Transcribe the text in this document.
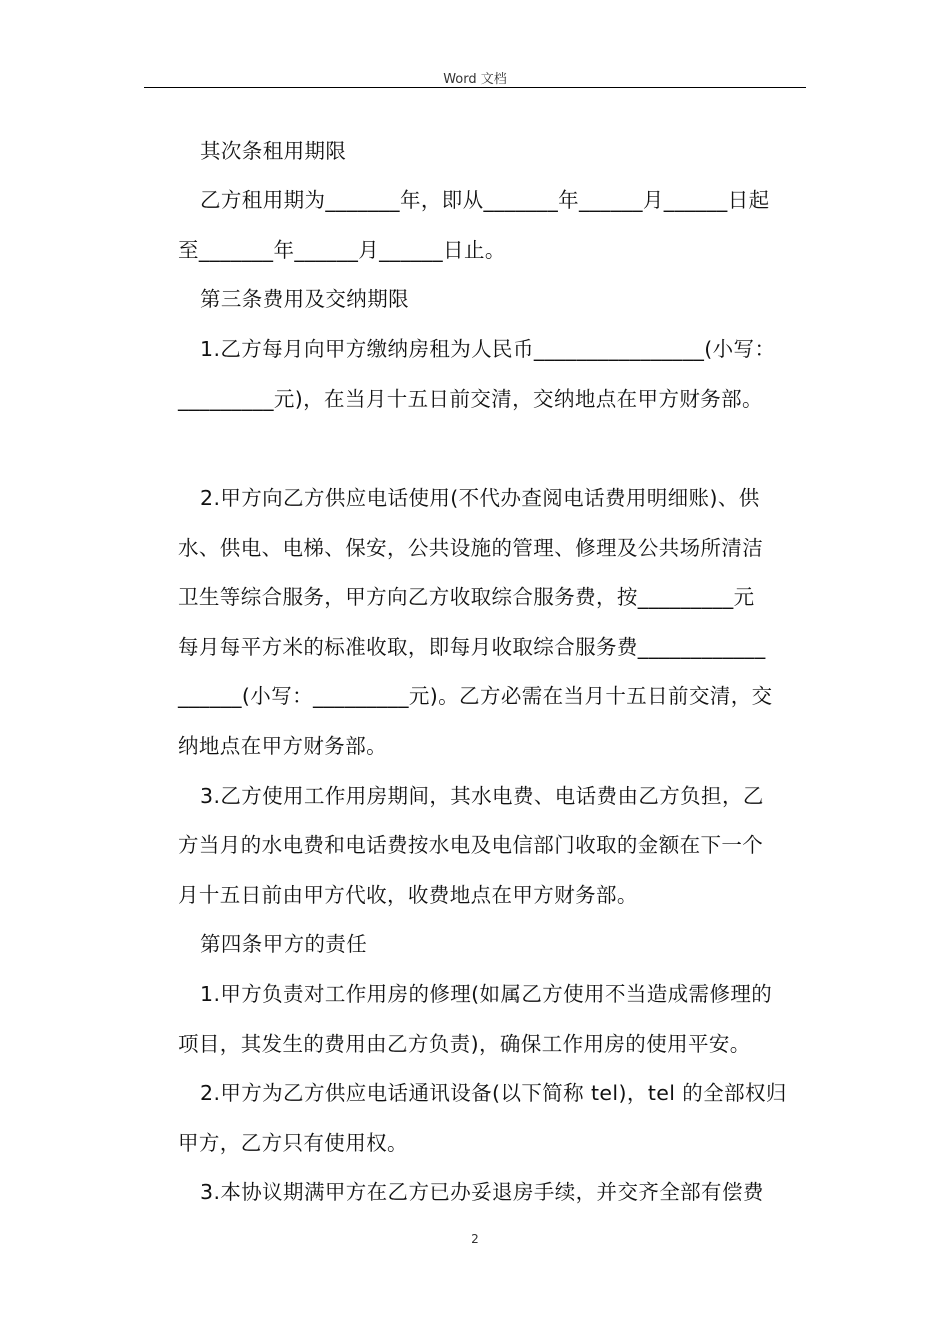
Word 文档
其次条租用期限
乙方租用期为_______年，即从_______年______月______日起
至_______年______月______日止。
第三条费用及交纳期限
1.乙方每月向甲方缴纳房租为人民币________________(小写：
_________元)，在当月十五日前交清，交纳地点在甲方财务部。
2.甲方向乙方供应电话使用(不代办查阅电话费用明细账)、供
水、供电、电梯、保安，公共设施的管理、修理及公共场所清洁
卫生等综合服务，甲方向乙方收取综合服务费，按_________元
每月每平方米的标准收取，即每月收取综合服务费____________
______(小写：_________元)。乙方必需在当月十五日前交清，交
纳地点在甲方财务部。
3.乙方使用工作用房期间，其水电费、电话费由乙方负担，乙
方当月的水电费和电话费按水电及电信部门收取的金额在下一个
月十五日前由甲方代收，收费地点在甲方财务部。
第四条甲方的责任
1.甲方负责对工作用房的修理(如属乙方使用不当造成需修理的
项目，其发生的费用由乙方负责)，确保工作用房的使用平安。
2.甲方为乙方供应电话通讯设备(以下简称 tel)，tel 的全部权归
甲方，乙方只有使用权。
3.本协议期满甲方在乙方已办妥退房手续，并交齐全部有偿费
2
